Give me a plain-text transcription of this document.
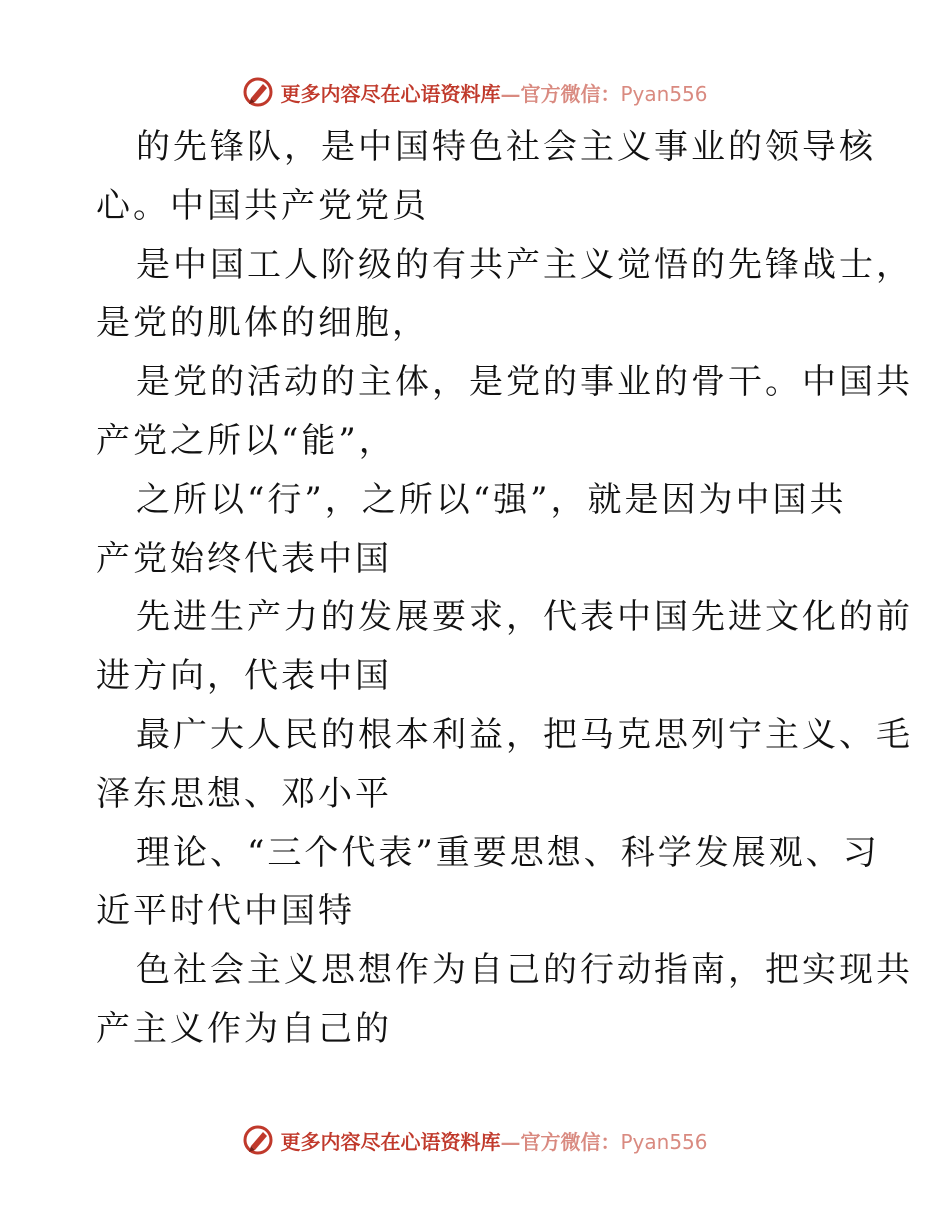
更多内容尽在心语资料库—官方微信：Pyan556
的先锋队，是中国特色社会主义事业的领导核
心。中国共产党党员
是中国工人阶级的有共产主义觉悟的先锋战士，
是党的肌体的细胞，
是党的活动的主体，是党的事业的骨干。中国共
产党之所以“能”，
之所以“行”，之所以“强”，就是因为中国共
产党始终代表中国
先进生产力的发展要求，代表中国先进文化的前
进方向，代表中国
最广大人民的根本利益，把马克思列宁主义、毛
泽东思想、邓小平
理论、“三个代表”重要思想、科学发展观、习
近平时代中国特
色社会主义思想作为自己的行动指南，把实现共
产主义作为自己的
更多内容尽在心语资料库—官方微信：Pyan556
